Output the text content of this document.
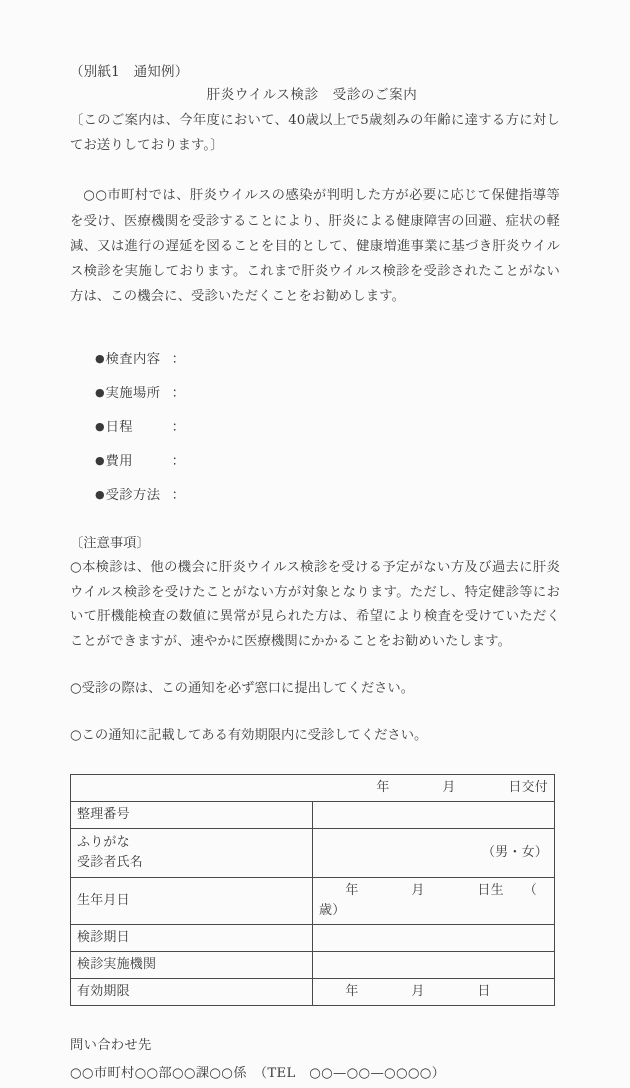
（別紙1　通知例）

肝炎ウイルス検診　受診のご案内

〔このご案内は、今年度において、40歳以上で5歳刻みの年齢に達する方に対してお送りしております。〕

○○市町村では、肝炎ウイルスの感染が判明した方が必要に応じて保健指導等を受け、医療機関を受診することにより、肝炎による健康障害の回避、症状の軽減、又は進行の遅延を図ることを目的として、健康増進事業に基づき肝炎ウイルス検診を実施しております。これまで肝炎ウイルス検診を受診されたことがない方は、この機会に、受診いただくことをお勧めします。

● 検査内容 ：
● 実施場所 ：
● 日程	：
● 費用	：
● 受診方法 ：

〔注意事項〕

○本検診は、他の機会に肝炎ウイルス検診を受ける予定がない方及び過去に肝炎ウイルス検診を受けたことがない方が対象となります。ただし、特定健診等において肝機能検査の数値に異常が見られた方は、希望により検査を受けていただくことができますが、速やかに医療機関にかかることをお勧めいたします。

○受診の際は、この通知を必ず窓口に提出してください。

○この通知に記載してある有効期限内に受診してください。

年　　　　月　　　　日交付	
整理番号	
ふりがな
受診者氏名	（男・女）
生年月日	　　年　　　　月　　　　日生　　（　　　　歳）
検診期日	
検診実施機関	
有効期限	　　年　　　　月　　　　日

問い合わせ先

○○市町村○○部○○課○○係　（TEL　○○—○○—○○○○）
